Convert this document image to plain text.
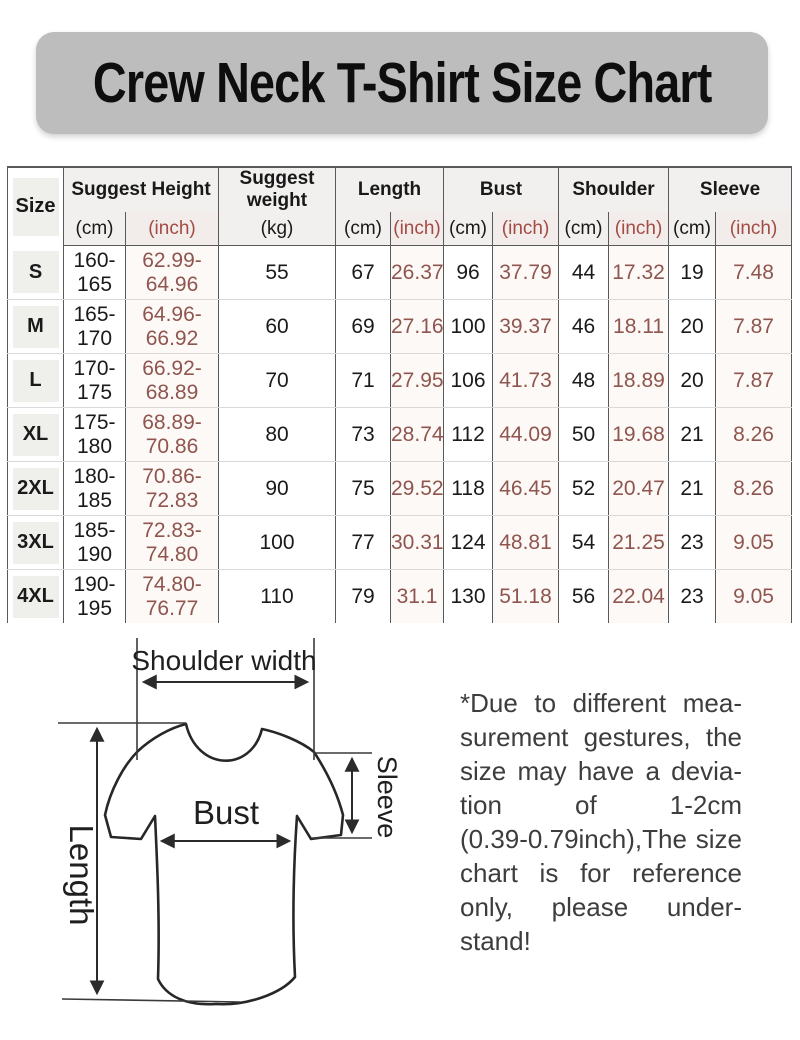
Crew Neck T-Shirt Size Chart
Size	Suggest Height		Suggest weight	Length		Bust		Shoulder		Sleeve	
	(cm)	(inch)	(kg)	(cm)	(inch)	(cm)	(inch)	(cm)	(inch)	(cm)	(inch)

S	160-165	62.99-64.96	55	67	26.37	96	37.79	44	17.32	19	7.48

M	165-170	64.96-66.92	60	69	27.16	100	39.37	46	18.11	20	7.87

L	170-175	66.92-68.89	70	71	27.95	106	41.73	48	18.89	20	7.87

XL	175-180	68.89-70.86	80	73	28.74	112	44.09	50	19.68	21	8.26

2XL	180-185	70.86-72.83	90	75	29.52	118	46.45	52	20.47	21	8.26

3XL	185-190	72.83-74.80	100	77	30.31	124	48.81	54	21.25	23	9.05

4XL	190-195	74.80-76.77	110	79	31.1	130	51.18	56	22.04	23	9.05
Shoulder width
Length
Bust	Sleeve
*Due to different mea-
surement gestures, the
size may have a devia-
tion of 1-2cm
(0.39-0.79inch),The size
chart is for reference
only, please under-
stand!
